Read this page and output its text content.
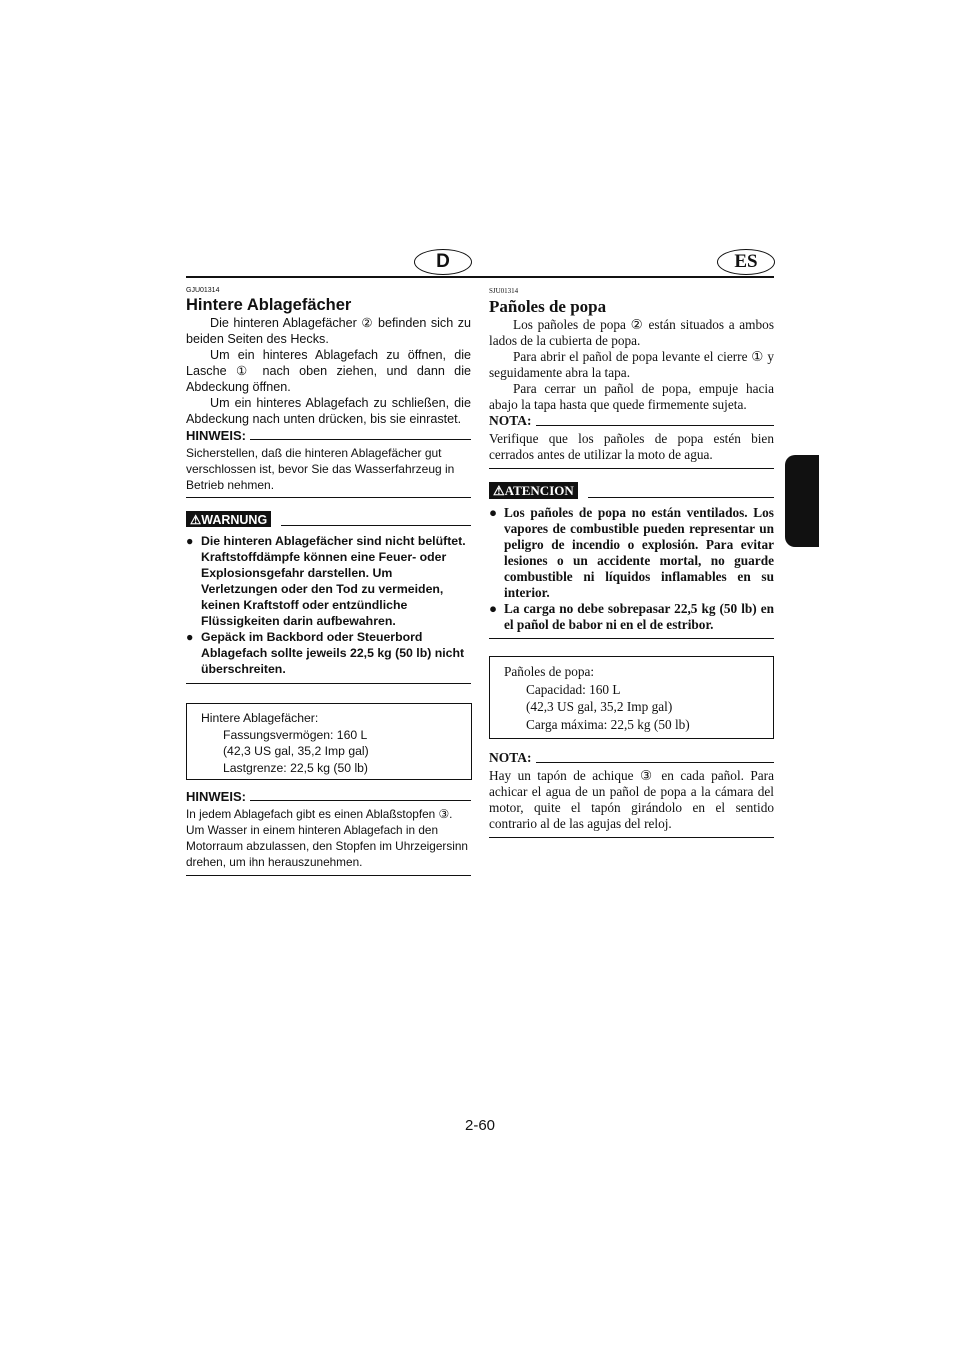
D	ES
GJU01314
Hintere Ablagefächer
Die hinteren Ablagefächer ② befinden sich zu beiden Seiten des Hecks.
Um ein hinteres Ablagefach zu öffnen, die Lasche ① nach oben ziehen, und dann die Abdeckung öffnen.
Um ein hinteres Ablagefach zu schließen, die Abdeckung nach unten drücken, bis sie einrastet.
HINWEIS:
Sicherstellen, daß die hinteren Ablagefächer gut verschlossen ist, bevor Sie das Wasserfahrzeug in Betrieb nehmen.
⚠WARNUNG
● Die hinteren Ablagefächer sind nicht belüftet. Kraftstoffdämpfe können eine Feuer- oder Explosionsgefahr darstellen. Um Verletzungen oder den Tod zu vermeiden, keinen Kraftstoff oder entzündliche Flüssigkeiten darin aufbewahren.
● Gepäck im Backbord oder Steuerbord Ablagefach sollte jeweils 22,5 kg (50 lb) nicht überschreiten.
Hintere Ablagefächer:
Fassungsvermögen: 160 L
(42,3 US gal, 35,2 Imp gal)
Lastgrenze: 22,5 kg (50 lb)
HINWEIS:
In jedem Ablagefach gibt es einen Ablaßstopfen ③. Um Wasser in einem hinteren Ablagefach in den Motorraum abzulassen, den Stopfen im Uhrzeigersinn drehen, um ihn herauszunehmen.
SJU01314
Pañoles de popa
Los pañoles de popa ② están situados a ambos lados de la cubierta de popa.
Para abrir el pañol de popa levante el cierre ① y seguidamente abra la tapa.
Para cerrar un pañol de popa, empuje hacia abajo la tapa hasta que quede firmemente sujeta.
NOTA:
Verifique que los pañoles de popa estén bien cerrados antes de utilizar la moto de agua.
⚠ATENCION
● Los pañoles de popa no están ventilados. Los vapores de combustible pueden representar un peligro de incendio o explosión. Para evitar lesiones o un accidente mortal, no guarde combustible ni líquidos inflamables en su interior.
● La carga no debe sobrepasar 22,5 kg (50 lb) en el pañol de babor ni en el de estribor.
Pañoles de popa:
Capacidad: 160 L
(42,3 US gal, 35,2 Imp gal)
Carga máxima: 22,5 kg (50 lb)
NOTA:
Hay un tapón de achique ③ en cada pañol. Para achicar el agua de un pañol de popa a la cámara del motor, quite el tapón girándolo en el sentido contrario al de las agujas del reloj.
2-60
